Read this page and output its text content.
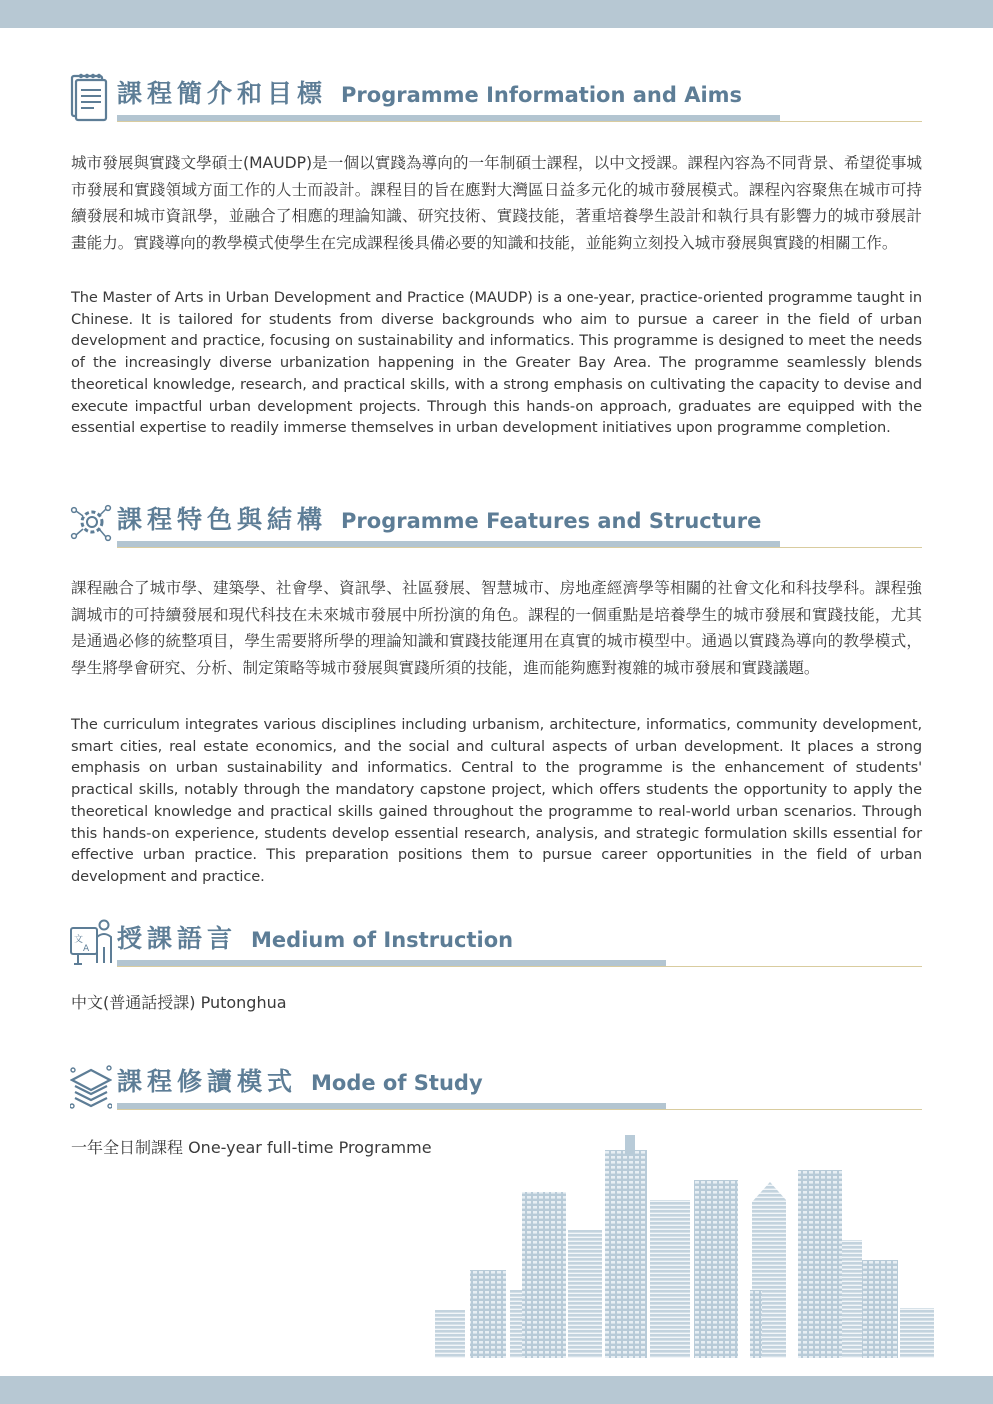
課程簡介和目標 Programme Information and Aims

城市發展與實踐文學碩士(MAUDP)是一個以實踐為導向的一年制碩士課程，以中文授課。課程內容為不同背景、希望從事城市發展和實踐領域方面工作的人士而設計。課程目的旨在應對大灣區日益多元化的城市發展模式。課程內容聚焦在城市可持續發展和城市資訊學，並融合了相應的理論知識、研究技術、實踐技能，著重培養學生設計和執行具有影響力的城市發展計畫能力。實踐導向的教學模式使學生在完成課程後具備必要的知識和技能，並能夠立刻投入城市發展與實踐的相關工作。

The Master of Arts in Urban Development and Practice (MAUDP) is a one-year, practice-oriented programme taught in Chinese. It is tailored for students from diverse backgrounds who aim to pursue a career in the field of urban development and practice, focusing on sustainability and informatics. This programme is designed to meet the needs of the increasingly diverse urbanization happening in the Greater Bay Area. The programme seamlessly blends theoretical knowledge, research, and practical skills, with a strong emphasis on cultivating the capacity to devise and execute impactful urban development projects. Through this hands-on approach, graduates are equipped with the essential expertise to readily immerse themselves in urban development initiatives upon programme completion.

課程特色與結構 Programme Features and Structure

課程融合了城市學、建築學、社會學、資訊學、社區發展、智慧城市、房地產經濟學等相關的社會文化和科技學科。課程強調城市的可持續發展和現代科技在未來城市發展中所扮演的角色。課程的一個重點是培養學生的城市發展和實踐技能，尤其是通過必修的統整項目，學生需要將所學的理論知識和實踐技能運用在真實的城市模型中。通過以實踐為導向的教學模式，學生將學會研究、分析、制定策略等城市發展與實踐所須的技能，進而能夠應對複雜的城市發展和實踐議題。

The curriculum integrates various disciplines including urbanism, architecture, informatics, community development, smart cities, real estate economics, and the social and cultural aspects of urban development. It places a strong emphasis on urban sustainability and informatics. Central to the programme is the enhancement of students' practical skills, notably through the mandatory capstone project, which offers students the opportunity to apply the theoretical knowledge and practical skills gained throughout the programme to real-world urban scenarios. Through this hands-on experience, students develop essential research, analysis, and strategic formulation skills essential for effective urban practice. This preparation positions them to pursue career opportunities in the field of urban development and practice.

文
A 授課語言 Medium of Instruction

中文(普通話授課) Putonghua

課程修讀模式 Mode of Study

一年全日制課程 One-year full-time Programme
